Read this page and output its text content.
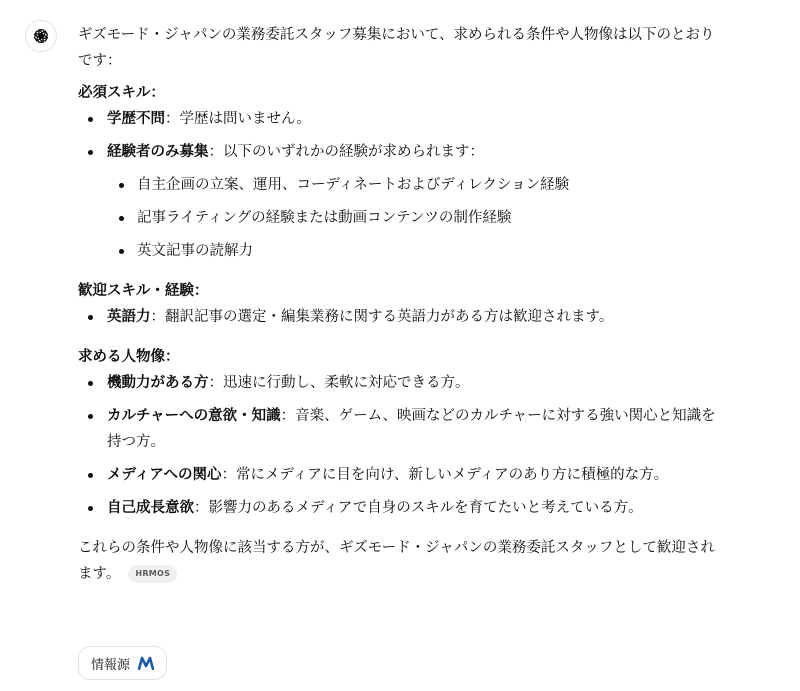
ギズモード・ジャパンの業務委託スタッフ募集において、求められる条件や人物像は以下のとおりです：

必須スキル：

学歴不問：学歴は問いません。
経験者のみ募集：以下のいずれかの経験が求められます：
自主企画の立案、運用、コーディネートおよびディレクション経験
記事ライティングの経験または動画コンテンツの制作経験
英文記事の読解力

歓迎スキル・経験：

英語力：翻訳記事の選定・編集業務に関する英語力がある方は歓迎されます。

求める人物像：

機動力がある方：迅速に行動し、柔軟に対応できる方。
カルチャーへの意欲・知識：音楽、ゲーム、映画などのカルチャーに対する強い関心と知識を持つ方。
メディアへの関心：常にメディアに目を向け、新しいメディアのあり方に積極的な方。
自己成長意欲：影響力のあるメディアで自身のスキルを育てたいと考えている方。

これらの条件や人物像に該当する方が、ギズモード・ジャパンの業務委託スタッフとして歓迎されます。 HRMOS

情報源
